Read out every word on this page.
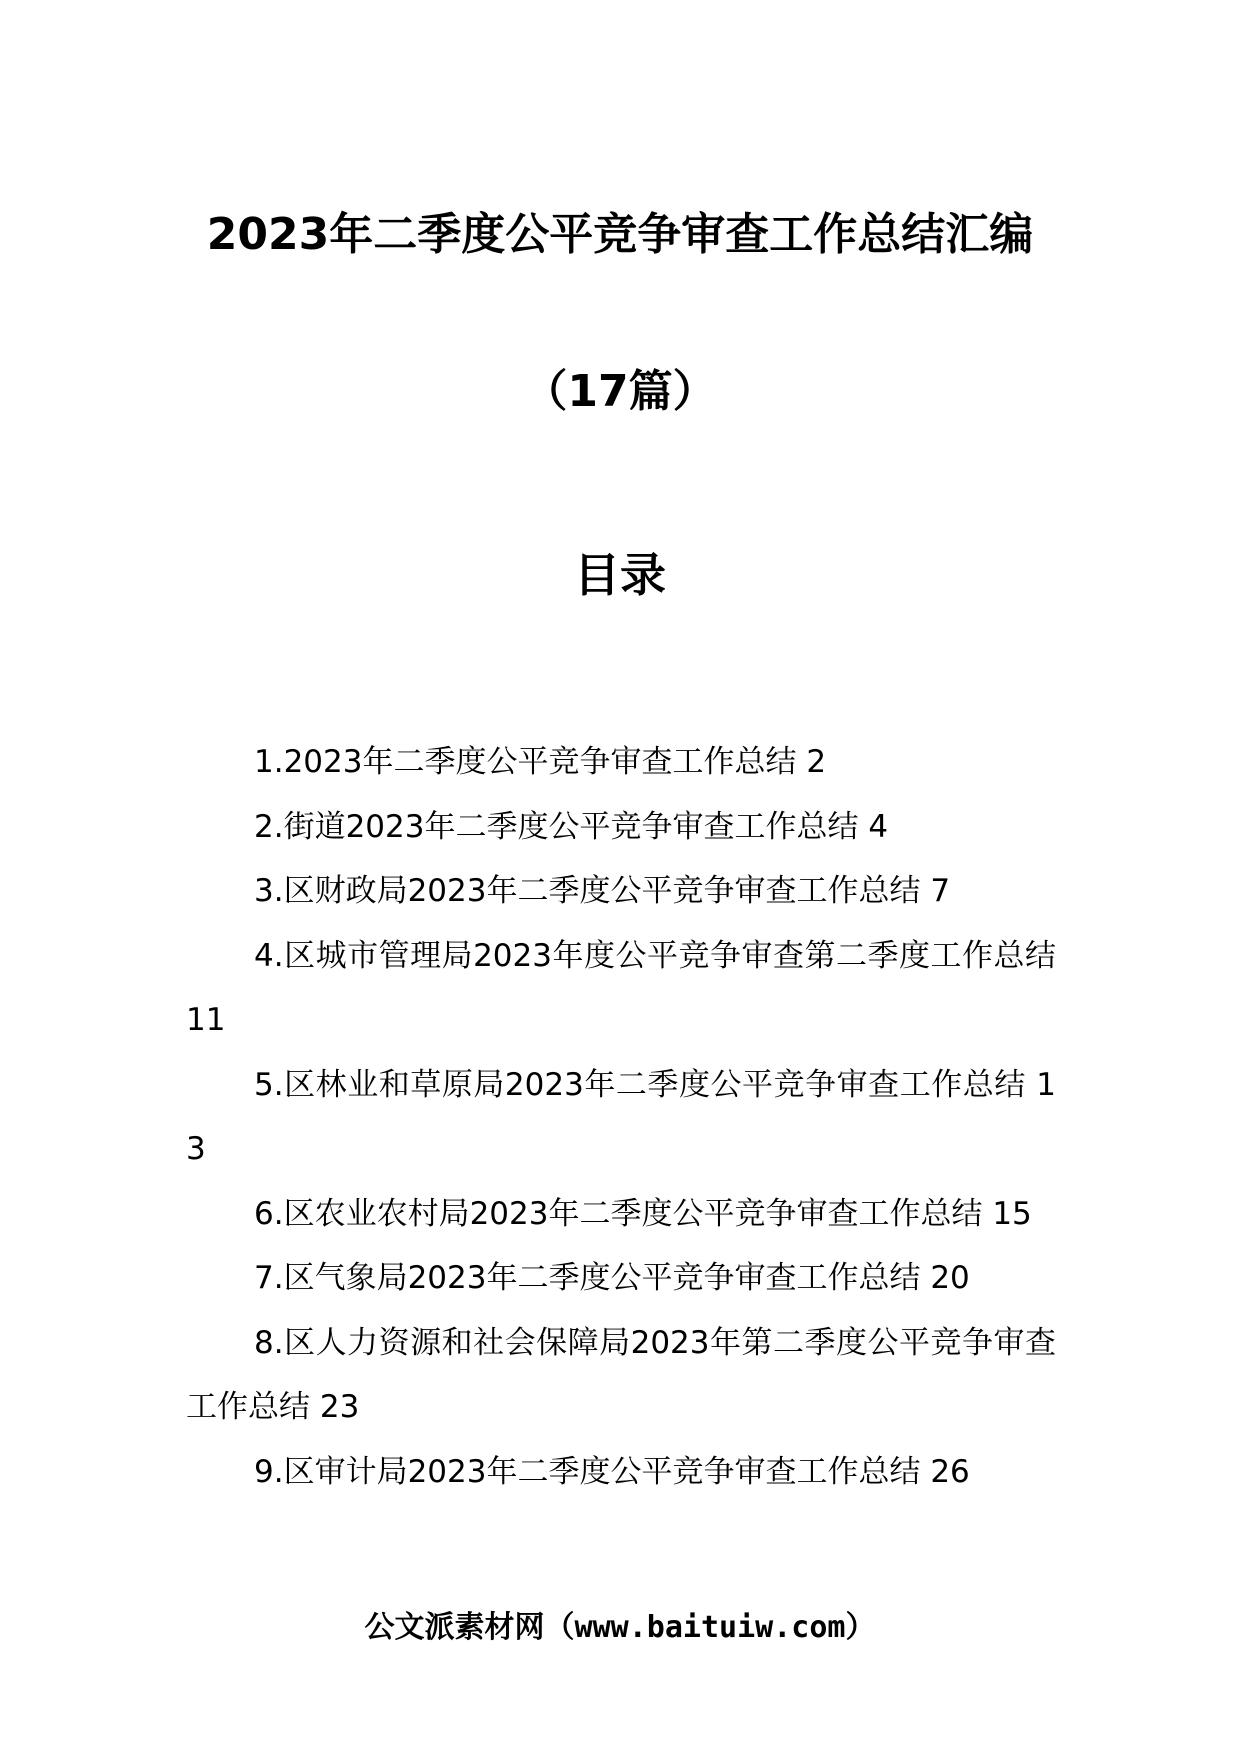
2023年二季度公平竞争审查工作总结汇编
（17篇）
目录
1.2023年二季度公平竞争审查工作总结 2
2.街道2023年二季度公平竞争审查工作总结 4
3.区财政局2023年二季度公平竞争审查工作总结 7
4.区城市管理局2023年度公平竞争审查第二季度工作总结 11
5.区林业和草原局2023年二季度公平竞争审查工作总结 13
6.区农业农村局2023年二季度公平竞争审查工作总结 15
7.区气象局2023年二季度公平竞争审查工作总结 20
8.区人力资源和社会保障局2023年第二季度公平竞争审查工作总结 23
9.区审计局2023年二季度公平竞争审查工作总结 26
公文派素材网（www.baituiw.com）
